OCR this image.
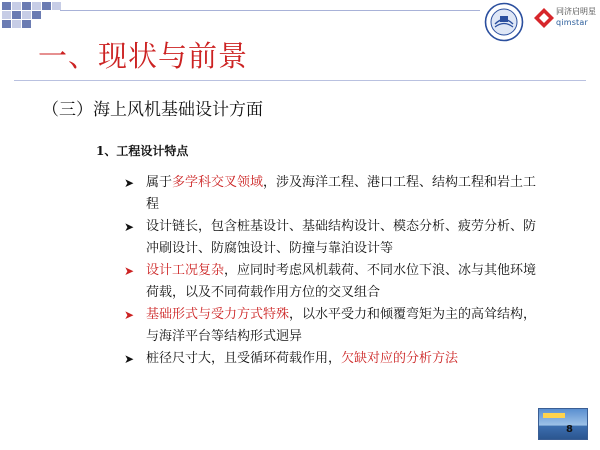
同济启明星
qimstar
一、现状与前景
（三）海上风机基础设计方面
1、工程设计特点
➤ 属于多学科交叉领域，涉及海洋工程、港口工程、结构工程和岩土工程
➤ 设计链长，包含桩基设计、基础结构设计、模态分析、疲劳分析、防冲刷设计、防腐蚀设计、防撞与靠泊设计等
➤ 设计工况复杂，应同时考虑风机载荷、不同水位下浪、冰与其他环境荷载，以及不同荷载作用方位的交叉组合
➤ 基础形式与受力方式特殊，以水平受力和倾覆弯矩为主的高耸结构，与海洋平台等结构形式迥异
➤ 桩径尺寸大，且受循环荷载作用，欠缺对应的分析方法
8
